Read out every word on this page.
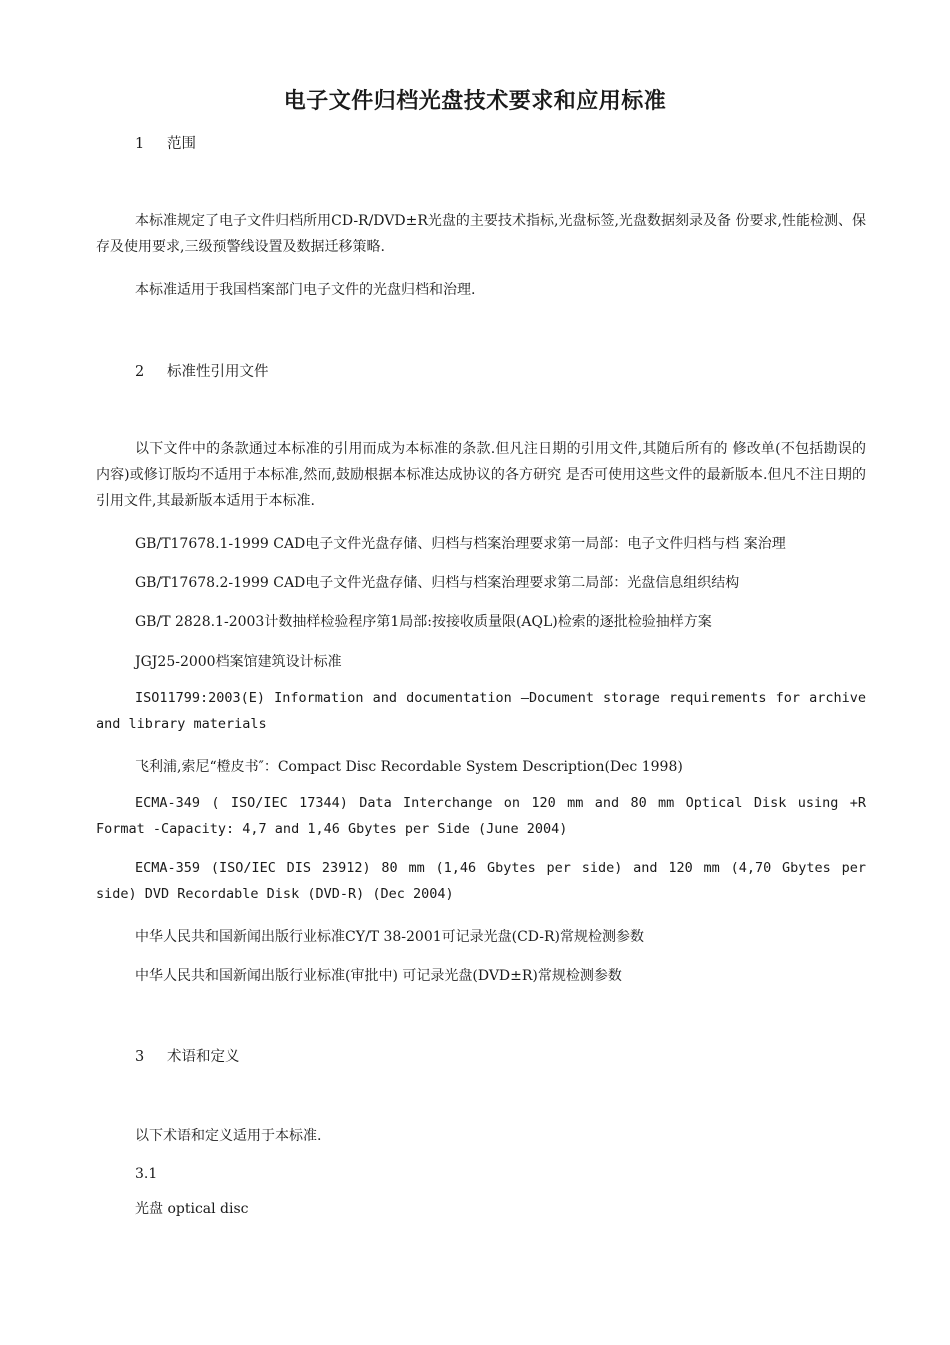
电子文件归档光盘技术要求和应用标准
1 范围

本标准规定了电子文件归档所用CD-R/DVD±R光盘的主要技术指标,光盘标签,光盘数据刻录及备 份要求,性能检测、保存及使用要求,三级预警线设置及数据迁移策略.

本标准适用于我国档案部门电子文件的光盘归档和治理.

2 标准性引用文件

以下文件中的条款通过本标准的引用而成为本标准的条款.但凡注日期的引用文件,其随后所有的 修改单(不包括勘误的内容)或修订版均不适用于本标准,然而,鼓励根据本标准达成协议的各方研究 是否可使用这些文件的最新版本.但凡不注日期的引用文件,其最新版本适用于本标准.

GB/T17678.1-1999 CAD电子文件光盘存储、归档与档案治理要求第一局部：电子文件归档与档 案治理
GB/T17678.2-1999 CAD电子文件光盘存储、归档与档案治理要求第二局部：光盘信息组织结构
GB/T 2828.1-2003计数抽样检验程序第1局部:按接收质量限(AQL)检索的逐批检验抽样方案
JGJ25-2000档案馆建筑设计标准

ISO11799:2003(E) Information and documentation —Document storage requirements for archive and library materials

飞利浦,索尼“橙皮书″：Compact Disc Recordable System Description(Dec 1998)

ECMA-349 ( ISO/IEC 17344) Data Interchange on 120 mm and 80 mm Optical Disk using +R Format -Capacity: 4,7 and 1,46 Gbytes per Side (June 2004)

ECMA-359 (ISO/IEC DIS 23912) 80 mm (1,46 Gbytes per side) and 120 mm (4,70 Gbytes per side) DVD Recordable Disk (DVD-R) (Dec 2004)

中华人民共和国新闻出版行业标准CY/T 38-2001可记录光盘(CD-R)常规检测参数
中华人民共和国新闻出版行业标准(审批中) 可记录光盘(DVD±R)常规检测参数
3 术语和定义
以下术语和定义适用于本标准.
3.1
光盘 optical disc
